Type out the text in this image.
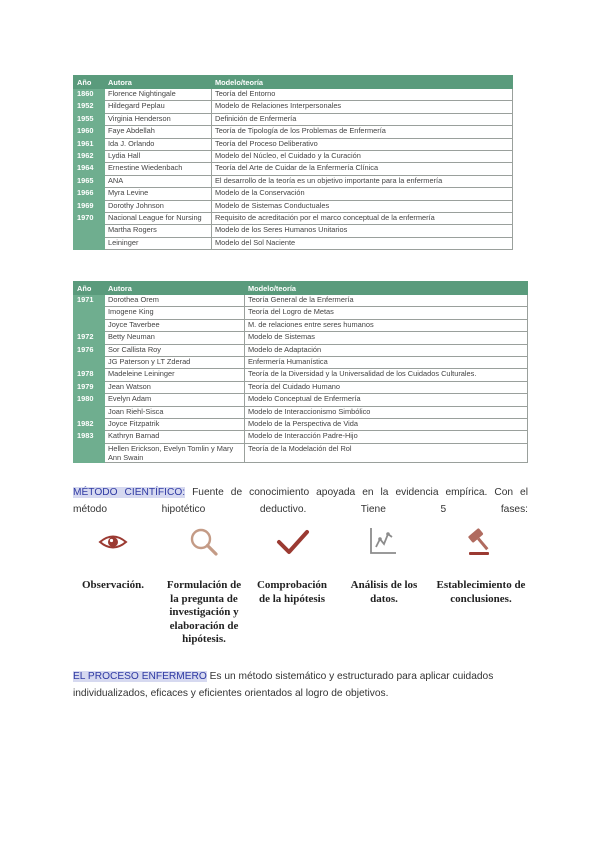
Año	Autora	Modelo/teoría
1860	Florence Nightingale	Teoría del Entorno
1952	Hildegard Peplau	Modelo de Relaciones Interpersonales
1955	Virginia Henderson	Definición de Enfermería
1960	Faye Abdellah	Teoría de Tipología de los Problemas de Enfermería
1961	Ida J. Orlando	Teoría del Proceso Deliberativo
1962	Lydia Hall	Modelo del Núcleo, el Cuidado y la Curación
1964	Ernestine Wiedenbach	Teoría del Arte de Cuidar de la Enfermería Clínica
1965	ANA	El desarrollo de la teoría es un objetivo importante para la enfermería
1966	Myra Levine	Modelo de la Conservación
1969	Dorothy Johnson	Modelo de Sistemas Conductuales
1970	Nacional League for Nursing	Requisito de acreditación por el marco conceptual de la enfermería
	Martha Rogers	Modelo de los Seres Humanos Unitarios
	Leininger	Modelo del Sol Naciente
Año	Autora	Modelo/teoría
1971	Dorothea Orem	Teoría General de la Enfermería
	Imogene King	Teoría del Logro de Metas
	Joyce Taverbee	M. de relaciones entre seres humanos
1972	Betty Neuman	Modelo de Sistemas
1976	Sor Callista Roy	Modelo de Adaptación
	JG Paterson y LT Zderad	Enfermería Humanística
1978	Madeleine Leininger	Teoría de la Diversidad y la Universalidad de los Cuidados Culturales.
1979	Jean Watson	Teoría del Cuidado Humano
1980	Evelyn Adam	Modelo Conceptual de Enfermería
	Joan Riehl-Sisca	Modelo de Interaccionismo Simbólico
1982	Joyce Fitzpatrik	Modelo de la Perspectiva de Vida
1983	Kathryn Barnad	Modelo de Interacción Padre-Hijo
	Hellen Erickson, Evelyn Tomlin y Mary Ann Swain	Teoría de la Modelación del Rol
MÉTODO CIENTÍFICO: Fuente de conocimiento apoyada en la evidencia empírica. Con el
método hipotético deductivo. Tiene 5 fases:
Observación.	Formulación de la pregunta de investigación y elaboración de hipótesis.
Comprobación de la hipótesis
Análisis de los datos.
Establecimiento de conclusiones.
EL PROCESO ENFERMERO Es un método sistemático y estructurado para aplicar cuidados individualizados, eficaces y eficientes orientados al logro de objetivos.
